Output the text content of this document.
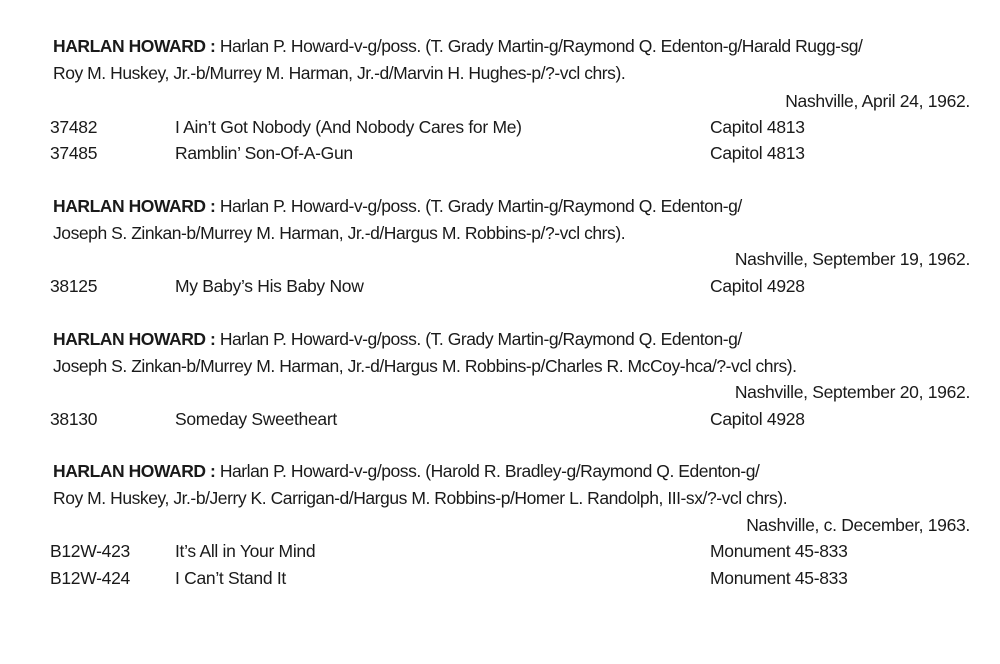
HARLAN HOWARD : Harlan P. Howard-v-g/poss. (T. Grady Martin-g/Raymond Q. Edenton-g/Harald Rugg-sg/
Roy M. Huskey, Jr.-b/Murrey M. Harman, Jr.-d/Marvin H. Hughes-p/?-vcl chrs).
Nashville, April 24, 1962.
37482	I Ain’t Got Nobody (And Nobody Cares for Me)	Capitol 4813
37485	Ramblin’ Son-Of-A-Gun	Capitol 4813
HARLAN HOWARD : Harlan P. Howard-v-g/poss. (T. Grady Martin-g/Raymond Q. Edenton-g/
Joseph S. Zinkan-b/Murrey M. Harman, Jr.-d/Hargus M. Robbins-p/?-vcl chrs).
Nashville, September 19, 1962.
38125	My Baby’s His Baby Now	Capitol 4928
HARLAN HOWARD : Harlan P. Howard-v-g/poss. (T. Grady Martin-g/Raymond Q. Edenton-g/
Joseph S. Zinkan-b/Murrey M. Harman, Jr.-d/Hargus M. Robbins-p/Charles R. McCoy-hca/?-vcl chrs).
Nashville, September 20, 1962.
38130	Someday Sweetheart	Capitol 4928
HARLAN HOWARD : Harlan P. Howard-v-g/poss. (Harold R. Bradley-g/Raymond Q. Edenton-g/
Roy M. Huskey, Jr.-b/Jerry K. Carrigan-d/Hargus M. Robbins-p/Homer L. Randolph, III-sx/?-vcl chrs).
Nashville, c. December, 1963.
B12W-423	It’s All in Your Mind	Monument 45-833
B12W-424	I Can’t Stand It	Monument 45-833
